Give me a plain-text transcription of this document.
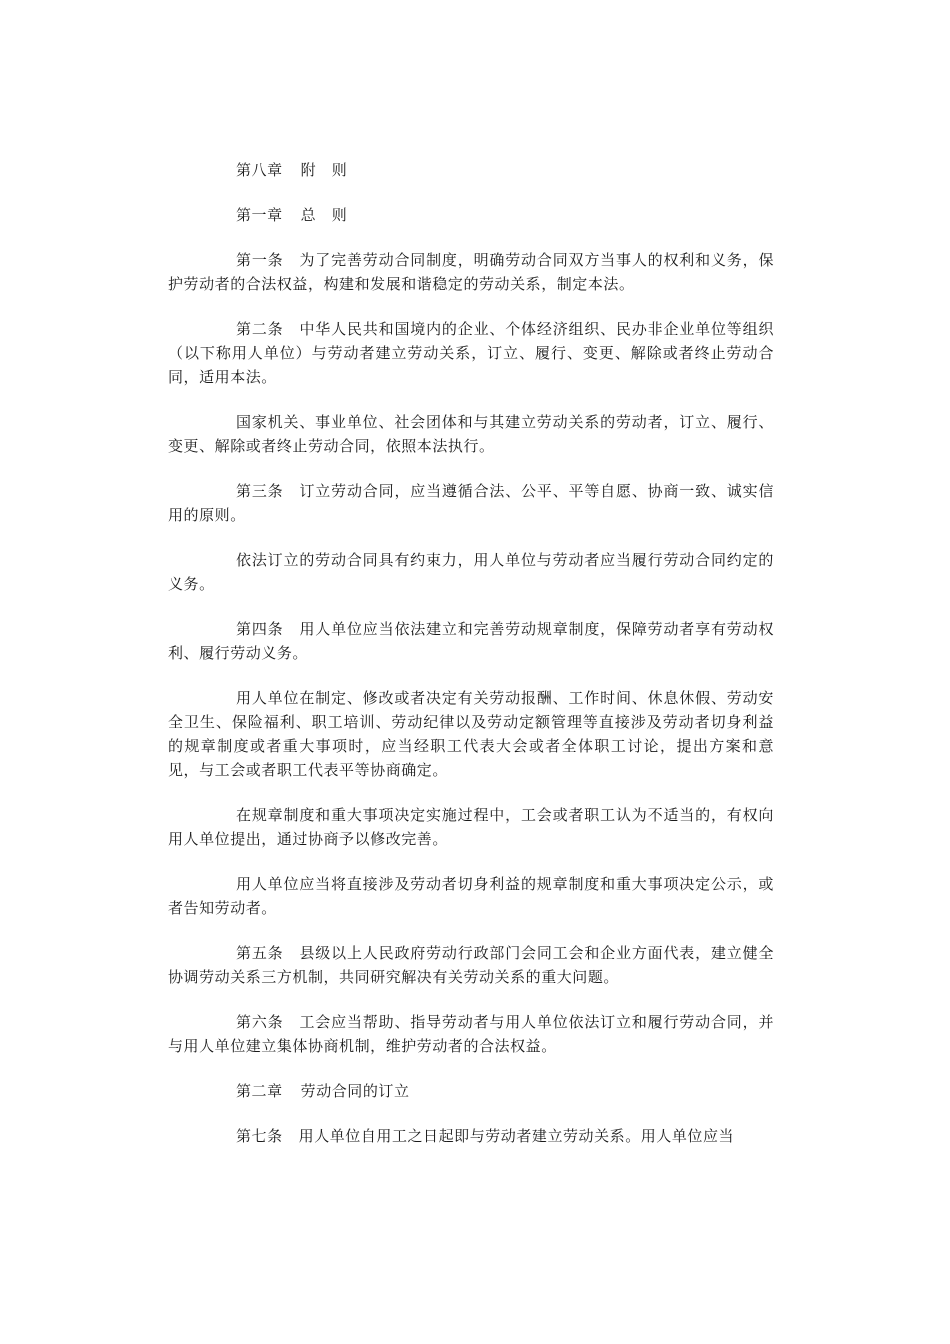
第八章 附　则

第一章 总　则

第一条 为了完善劳动合同制度，明确劳动合同双方当事人的权利和义务，保护劳动者的合法权益，构建和发展和谐稳定的劳动关系，制定本法。

第二条 中华人民共和国境内的企业、个体经济组织、民办非企业单位等组织（以下称用人单位）与劳动者建立劳动关系，订立、履行、变更、解除或者终止劳动合同，适用本法。

国家机关、事业单位、社会团体和与其建立劳动关系的劳动者，订立、履行、变更、解除或者终止劳动合同，依照本法执行。

第三条 订立劳动合同，应当遵循合法、公平、平等自愿、协商一致、诚实信用的原则。

依法订立的劳动合同具有约束力，用人单位与劳动者应当履行劳动合同约定的义务。

第四条 用人单位应当依法建立和完善劳动规章制度，保障劳动者享有劳动权利、履行劳动义务。

用人单位在制定、修改或者决定有关劳动报酬、工作时间、休息休假、劳动安全卫生、保险福利、职工培训、劳动纪律以及劳动定额管理等直接涉及劳动者切身利益的规章制度或者重大事项时，应当经职工代表大会或者全体职工讨论，提出方案和意见，与工会或者职工代表平等协商确定。

在规章制度和重大事项决定实施过程中，工会或者职工认为不适当的，有权向用人单位提出，通过协商予以修改完善。

用人单位应当将直接涉及劳动者切身利益的规章制度和重大事项决定公示，或者告知劳动者。

第五条 县级以上人民政府劳动行政部门会同工会和企业方面代表，建立健全协调劳动关系三方机制，共同研究解决有关劳动关系的重大问题。

第六条 工会应当帮助、指导劳动者与用人单位依法订立和履行劳动合同，并与用人单位建立集体协商机制，维护劳动者的合法权益。

第二章 劳动合同的订立

第七条 用人单位自用工之日起即与劳动者建立劳动关系。用人单位应当
